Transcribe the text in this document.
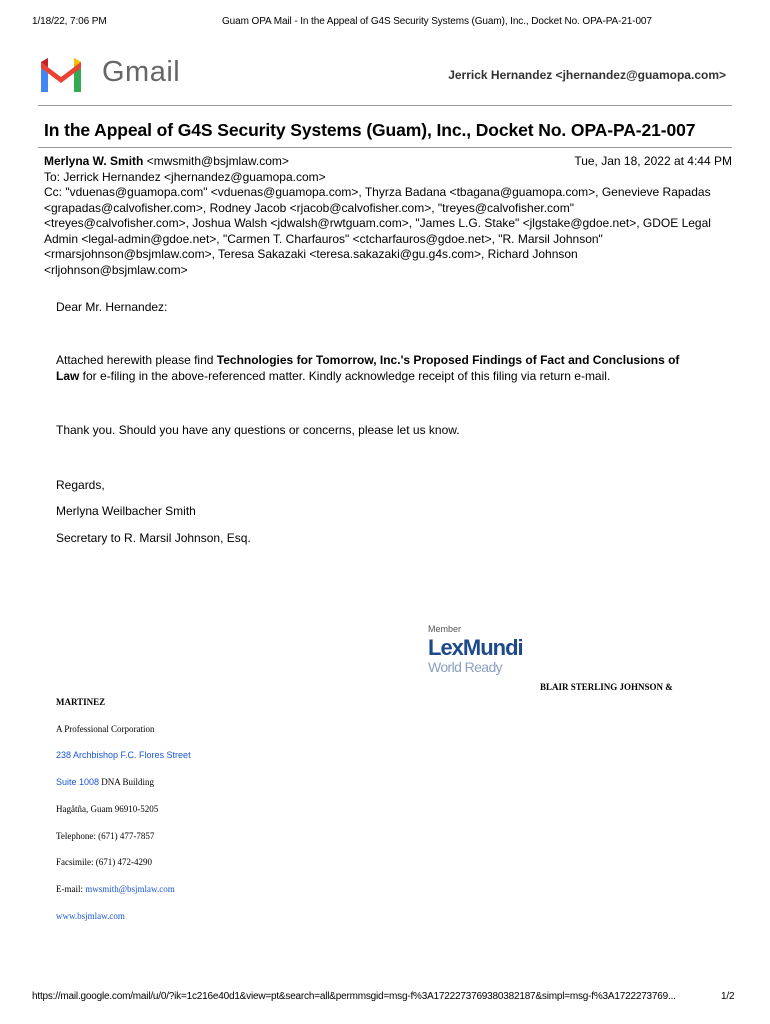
1/18/22, 7:06 PM	Guam OPA Mail - In the Appeal of G4S Security Systems (Guam), Inc., Docket No. OPA-PA-21-007
Gmail	Jerrick Hernandez <jhernandez@guamopa.com>
In the Appeal of G4S Security Systems (Guam), Inc., Docket No. OPA-PA-21-007
Merlyna W. Smith <mwsmith@bsjmlaw.com>	Tue, Jan 18, 2022 at 4:44 PM
To: Jerrick Hernandez <jhernandez@guamopa.com>
Cc: "vduenas@guamopa.com" <vduenas@guamopa.com>, Thyrza Badana <tbagana@guamopa.com>, Genevieve Rapadas
<grapadas@calvofisher.com>, Rodney Jacob <rjacob@calvofisher.com>, "treyes@calvofisher.com"
<treyes@calvofisher.com>, Joshua Walsh <jdwalsh@rwtguam.com>, "James L.G. Stake" <jlgstake@gdoe.net>, GDOE Legal
Admin <legal-admin@gdoe.net>, "Carmen T. Charfauros" <ctcharfauros@gdoe.net>, "R. Marsil Johnson"
<rmarsjohnson@bsjmlaw.com>, Teresa Sakazaki <teresa.sakazaki@gu.g4s.com>, Richard Johnson
<rljohnson@bsjmlaw.com>
Dear Mr. Hernandez:
Attached herewith please find Technologies for Tomorrow, Inc.'s Proposed Findings of Fact and Conclusions of
Law for e-filing in the above-referenced matter. Kindly acknowledge receipt of this filing via return e-mail.
Thank you. Should you have any questions or concerns, please let us know.
Regards,
Merlyna Weilbacher Smith
Secretary to R. Marsil Johnson, Esq.
Member
LexMundi
World Ready
BLAIR STERLING JOHNSON &
MARTINEZ
A Professional Corporation
238 Archbishop F.C. Flores Street
Suite 1008 DNA Building
Hagåtña, Guam 96910-5205
Telephone: (671) 477-7857
Facsimile: (671) 472-4290
E-mail: mwsmith@bsjmlaw.com
www.bsjmlaw.com
https://mail.google.com/mail/u/0/?ik=1c216e40d1&view=pt&search=all&permmsgid=msg-f%3A1722273769380382187&simpl=msg-f%3A1722273769...	1/2
